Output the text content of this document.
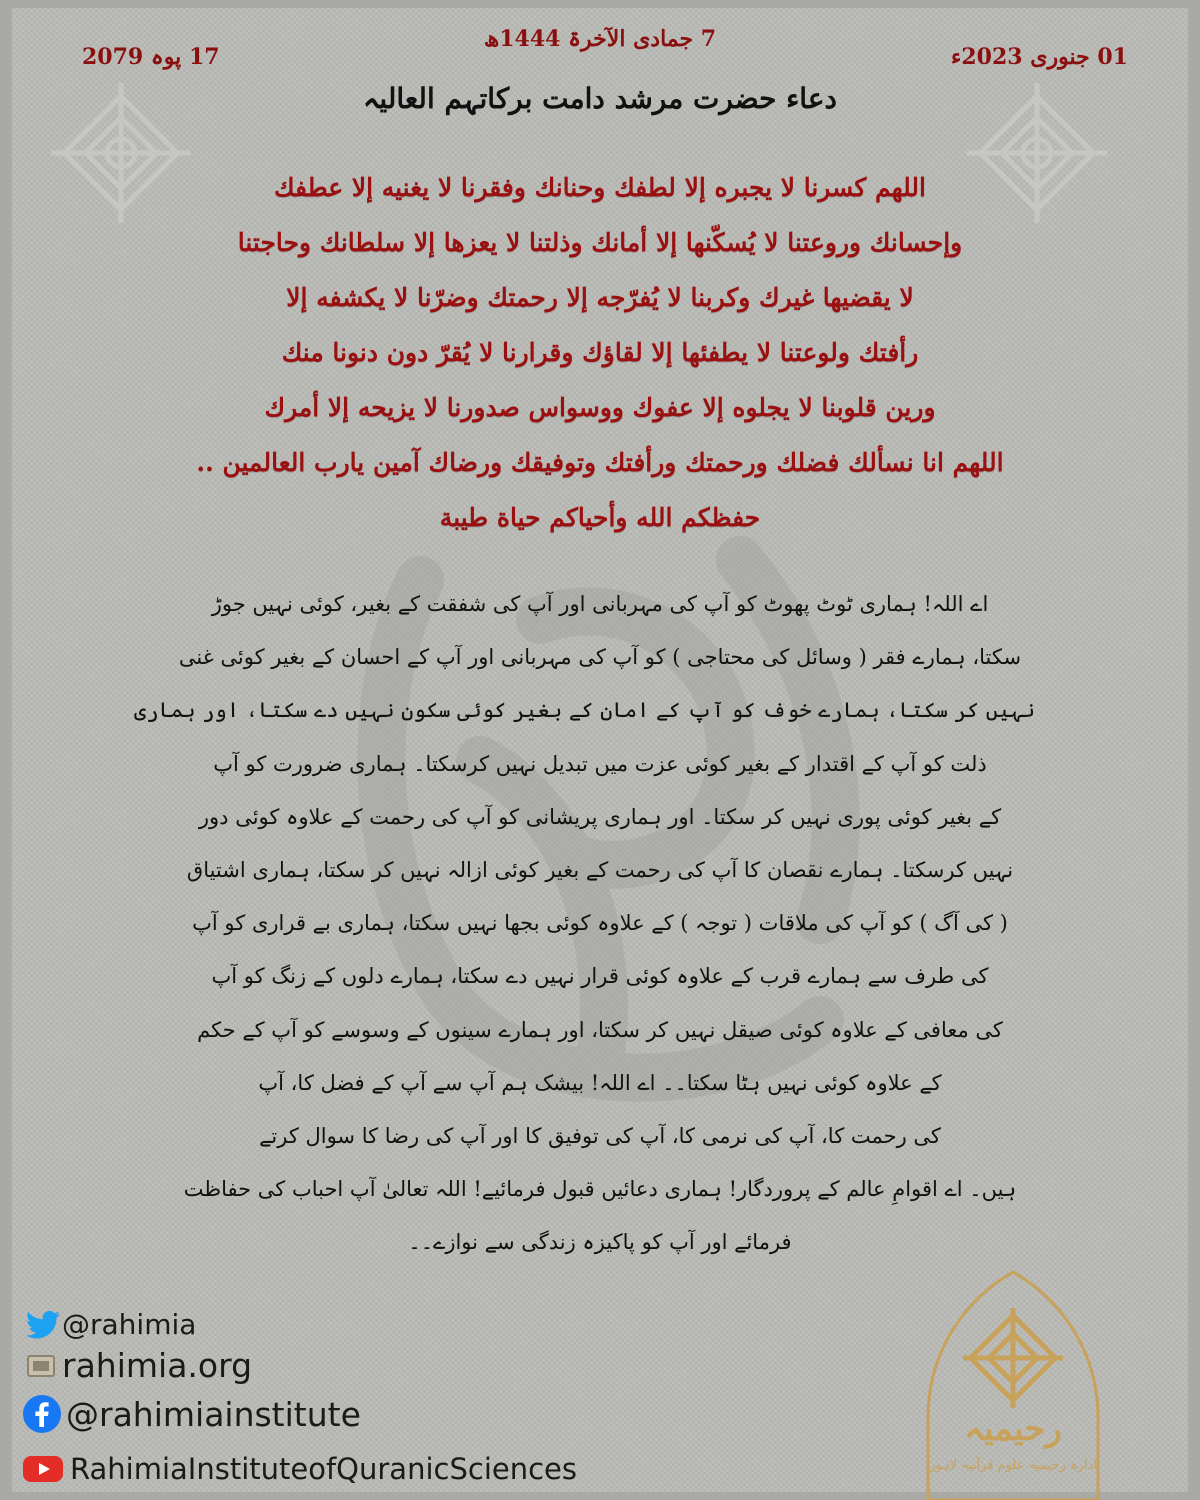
17 پوہ 2079
7 جمادی الآخرۃ 1444ھ
01 جنوری 2023ء
دعاء حضرت مرشد دامت برکاتہم العالیہ
اللهم كسرنا لا يجبره إلا لطفك وحنانك وفقرنا لا يغنيه إلا عطفك
وإحسانك وروعتنا لا يُسكّنها إلا أمانك وذلتنا لا يعزها إلا سلطانك وحاجتنا
لا يقضيها غيرك وكربنا لا يُفرّجه إلا رحمتك وضرّنا لا يكشفه إلا
رأفتك ولوعتنا لا يطفئها إلا لقاؤك وقرارنا لا يُقرّ دون دنونا منك
ورين قلوبنا لا يجلوه إلا عفوك ووسواس صدورنا لا يزيحه إلا أمرك
اللهم انا نسألك فضلك ورحمتك ورأفتك وتوفيقك ورضاك آمين يارب العالمين ..
حفظكم الله وأحياكم حياة طيبة
اے اللہ! ہماری ٹوٹ پھوٹ کو آپ کی مہربانی اور آپ کی شفقت کے بغیر، کوئی نہیں جوڑ
سکتا، ہمارے فقر ( وسائل کی محتاجی ) کو آپ کی مہربانی اور آپ کے احسان کے بغیر کوئی غنی
نہیں کر سکتا، ہمارے خوف کو آپ کے امان کے بغیر کوئی سکون نہیں دے سکتا، اور ہماری
ذلت کو آپ کے اقتدار کے بغیر کوئی عزت میں تبدیل نہیں کرسکتا۔ ہماری ضرورت کو آپ
کے بغیر کوئی پوری نہیں کر سکتا۔ اور ہماری پریشانی کو آپ کی رحمت کے علاوہ کوئی دور
نہیں کرسکتا۔ ہمارے نقصان کا آپ کی رحمت کے بغیر کوئی ازالہ نہیں کر سکتا، ہماری اشتیاق
( کی آگ ) کو آپ کی ملاقات ( توجہ ) کے علاوہ کوئی بجھا نہیں سکتا، ہماری بے قراری کو آپ
کی طرف سے ہمارے قرب کے علاوہ کوئی قرار نہیں دے سکتا، ہمارے دلوں کے زنگ کو آپ
کی معافی کے علاوہ کوئی صیقل نہیں کر سکتا، اور ہمارے سینوں کے وسوسے کو آپ کے حکم
کے علاوہ کوئی نہیں ہٹا سکتا۔۔ اے اللہ! بیشک ہم آپ سے آپ کے فضل کا، آپ
کی رحمت کا، آپ کی نرمی کا، آپ کی توفیق کا اور آپ کی رضا کا سوال کرتے
ہیں۔ اے اقوامِ عالم کے پروردگار! ہماری دعائیں قبول فرمائیے! اللہ تعالیٰ آپ احباب کی حفاظت
فرمائے اور آپ کو پاکیزہ زندگی سے نوازے۔۔
@rahimia
rahimia.org
@rahimiainstitute
RahimiaInstituteofQuranicSciences
رحیمیہ
ادارہ رحیمیہ علوم قرآنیہ لاہور
